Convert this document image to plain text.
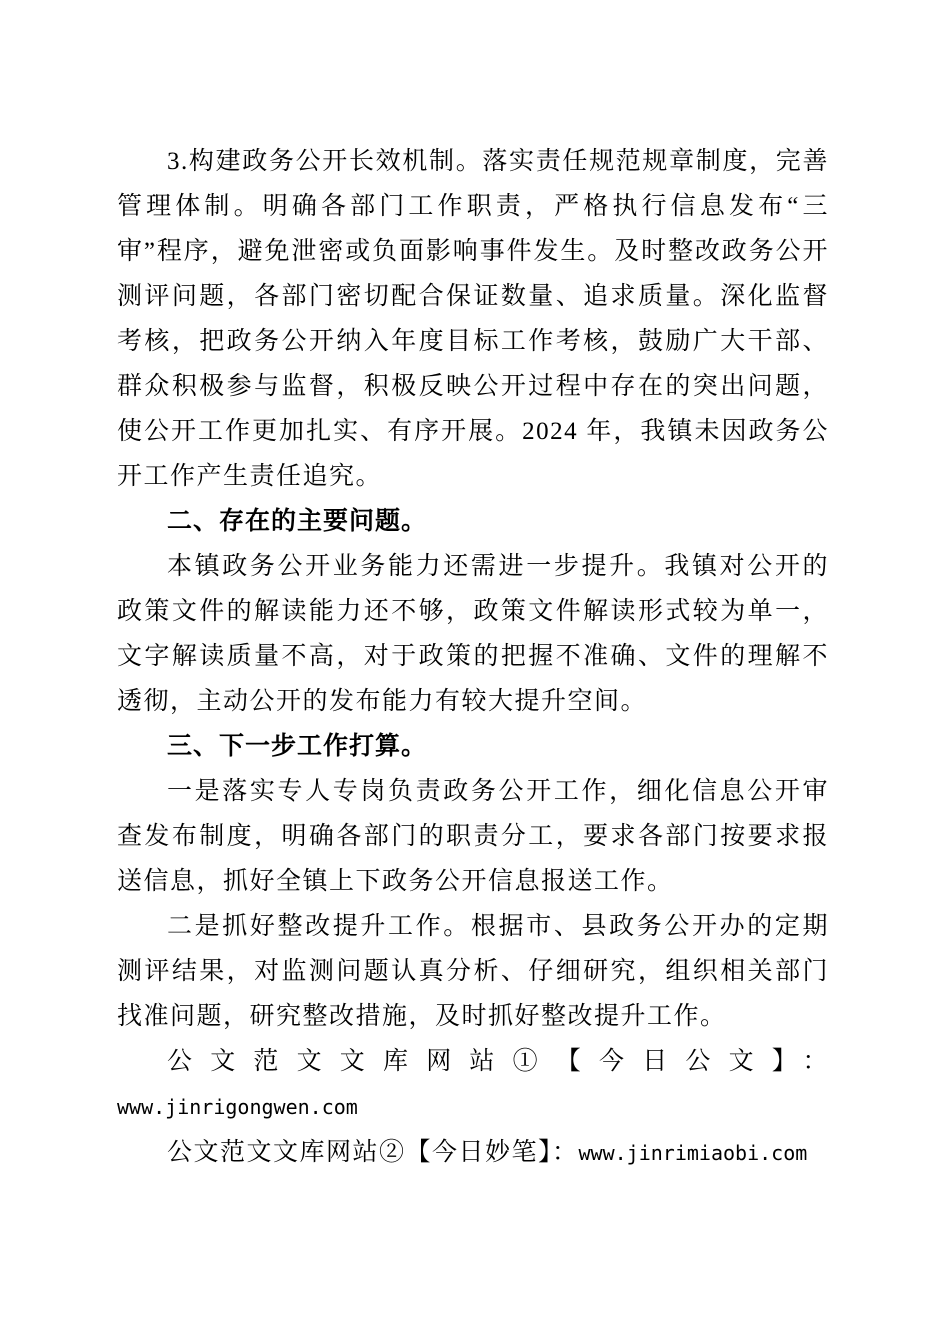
3.构建政务公开长效机制。落实责任规范规章制度，完善管理体制。明确各部门工作职责，严格执行信息发布“三审”程序，避免泄密或负面影响事件发生。及时整改政务公开测评问题，各部门密切配合保证数量、追求质量。深化监督考核，把政务公开纳入年度目标工作考核，鼓励广大干部、群众积极参与监督，积极反映公开过程中存在的突出问题，使公开工作更加扎实、有序开展。2024 年，我镇未因政务公开工作产生责任追究。

二、存在的主要问题。

本镇政务公开业务能力还需进一步提升。我镇对公开的政策文件的解读能力还不够，政策文件解读形式较为单一，文字解读质量不高，对于政策的把握不准确、文件的理解不透彻，主动公开的发布能力有较大提升空间。

三、下一步工作打算。

一是落实专人专岗负责政务公开工作，细化信息公开审查发布制度，明确各部门的职责分工，要求各部门按要求报送信息，抓好全镇上下政务公开信息报送工作。

二是抓好整改提升工作。根据市、县政务公开办的定期测评结果，对监测问题认真分析、仔细研究，组织相关部门找准问题，研究整改措施，及时抓好整改提升工作。

公文范文文库网站①【今日公文】：www.jinrigongwen.com

公文范文文库网站②【今日妙笔】：www.jinrimiaobi.com
